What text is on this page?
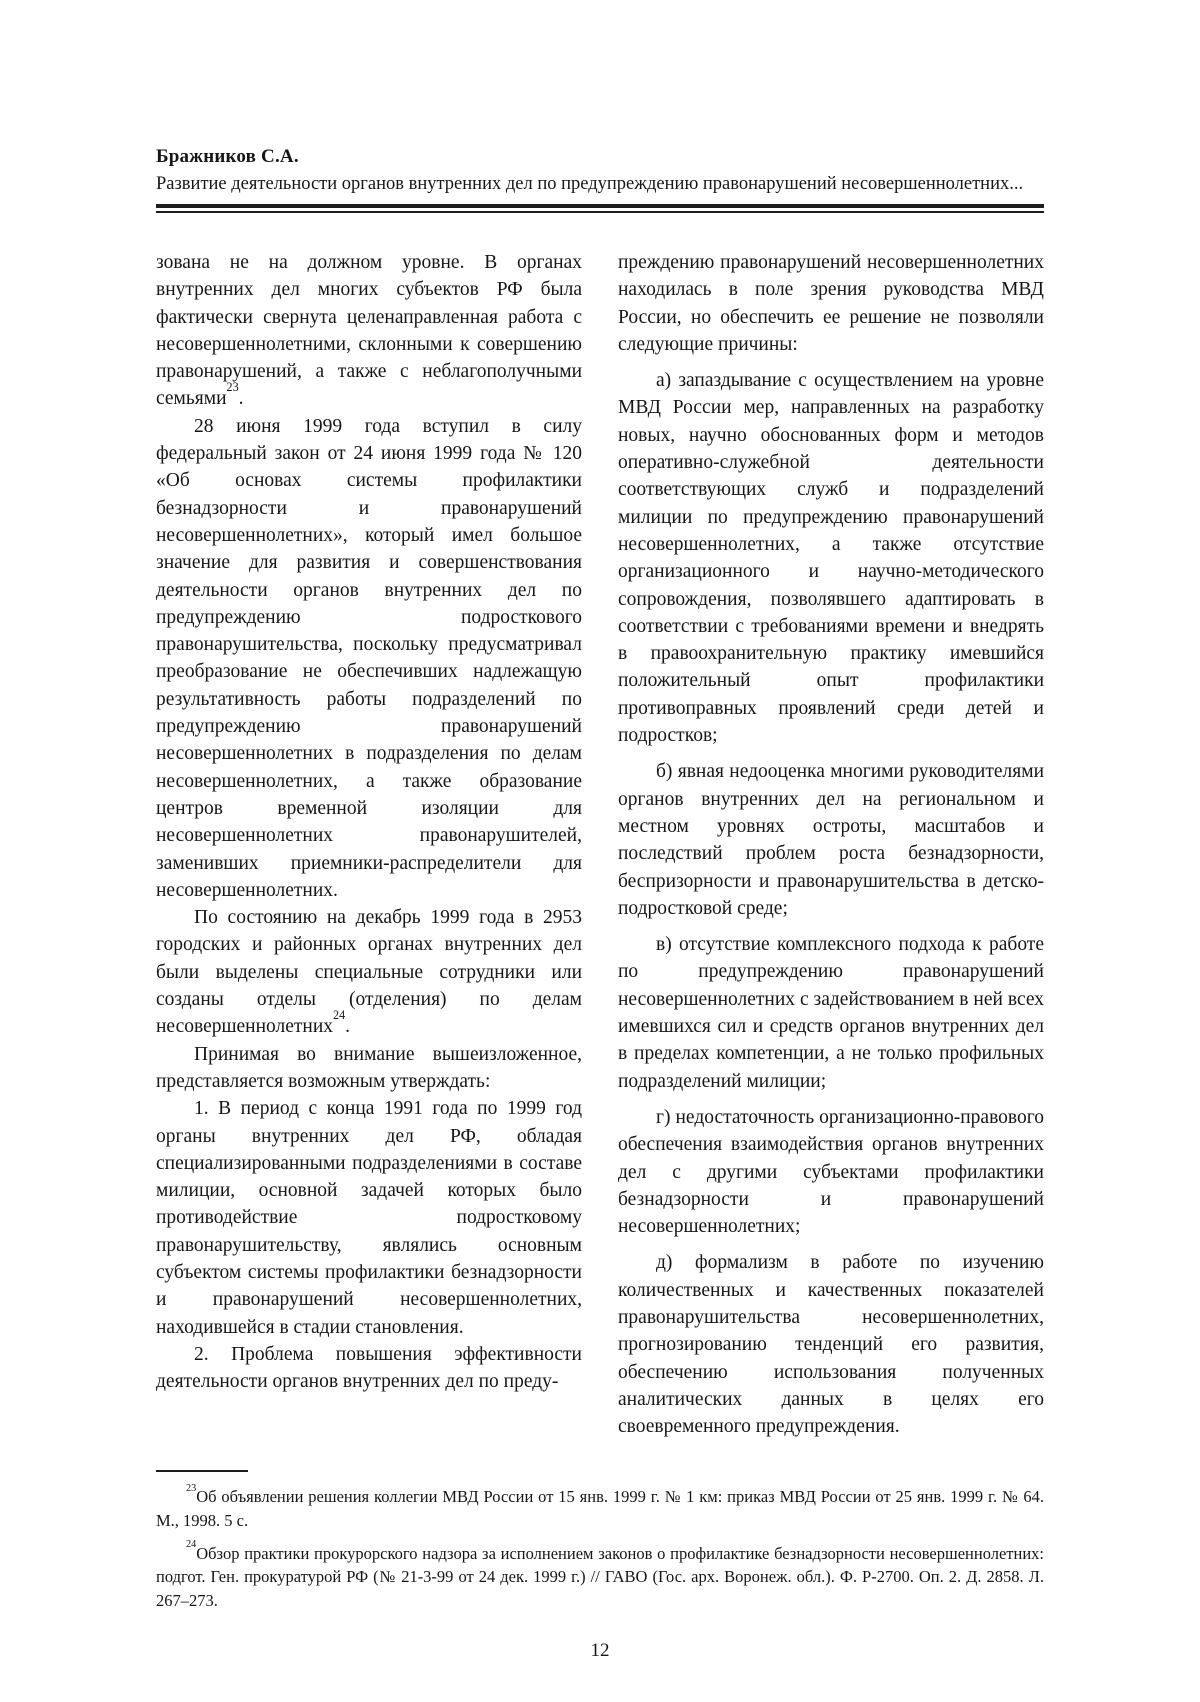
Бражников С.А.
Развитие деятельности органов внутренних дел по предупреждению правонарушений несовершеннолетних...

зована не на должном уровне. В органах внутренних дел многих субъектов РФ была фактически свернута целенаправленная работа с несовершеннолетними, склонными к совершению правонарушений, а также с неблагополучными семьями$^{23}$.

28 июня 1999 года вступил в силу федеральный закон от 24 июня 1999 года № 120 «Об основах системы профилактики безнадзорности и правонарушений несовершеннолетних», который имел большое значение для развития и совершенствования деятельности органов внутренних дел по предупреждению подросткового правонарушительства, поскольку предусматривал преобразование не обеспечивших надлежащую результативность работы подразделений по предупреждению правонарушений несовершеннолетних в подразделения по делам несовершеннолетних, а также образование центров временной изоляции для несовершеннолетних правонарушителей, заменивших приемники-распределители для несовершеннолетних.

По состоянию на декабрь 1999 года в 2953 городских и районных органах внутренних дел были выделены специальные сотрудники или созданы отделы (отделения) по делам несовершеннолетних$^{24}$.

Принимая во внимание вышеизложенное, представляется возможным утверждать:

1. В период с конца 1991 года по 1999 год органы внутренних дел РФ, обладая специализированными подразделениями в составе милиции, основной задачей которых было противодействие подростковому правонарушительству, являлись основным субъектом системы профилактики безнадзорности и правонарушений несовершеннолетних, находившейся в стадии становления.

2. Проблема повышения эффективности деятельности органов внутренних дел по преду-

преждению правонарушений несовершеннолетних находилась в поле зрения руководства МВД России, но обеспечить ее решение не позволяли следующие причины:

а) запаздывание с осуществлением на уровне МВД России мер, направленных на разработку новых, научно обоснованных форм и методов оперативно-служебной деятельности соответствующих служб и подразделений милиции по предупреждению правонарушений несовершеннолетних, а также отсутствие организационного и научно-методического сопровождения, позволявшего адаптировать в соответствии с требованиями времени и внедрять в правоохранительную практику имевшийся положительный опыт профилактики противоправных проявлений среди детей и подростков;

б) явная недооценка многими руководителями органов внутренних дел на региональном и местном уровнях остроты, масштабов и последствий проблем роста безнадзорности, беспризорности и правонарушительства в детско-подростковой среде;

в) отсутствие комплексного подхода к работе по предупреждению правонарушений несовершеннолетних с задействованием в ней всех имевшихся сил и средств органов внутренних дел в пределах компетенции, а не только профильных подразделений милиции;

г) недостаточность организационно-правового обеспечения взаимодействия органов внутренних дел с другими субъектами профилактики безнадзорности и правонарушений несовершеннолетних;

д) формализм в работе по изучению количественных и качественных показателей правонарушительства несовершеннолетних, прогнозированию тенденций его развития, обеспечению использования полученных аналитических данных в целях его своевременного предупреждения.

$^{23}$Об объявлении решения коллегии МВД России от 15 янв. 1999 г. № 1 км: приказ МВД России от 25 янв. 1999 г. № 64. М., 1998. 5 с.

$^{24}$Обзор практики прокурорского надзора за исполнением законов о профилактике безнадзорности несовершеннолетних: подгот. Ген. прокуратурой РФ (№ 21-3-99 от 24 дек. 1999 г.) // ГАВО (Гос. арх. Воронеж. обл.). Ф. Р-2700. Оп. 2. Д. 2858. Л. 267–273.

12
